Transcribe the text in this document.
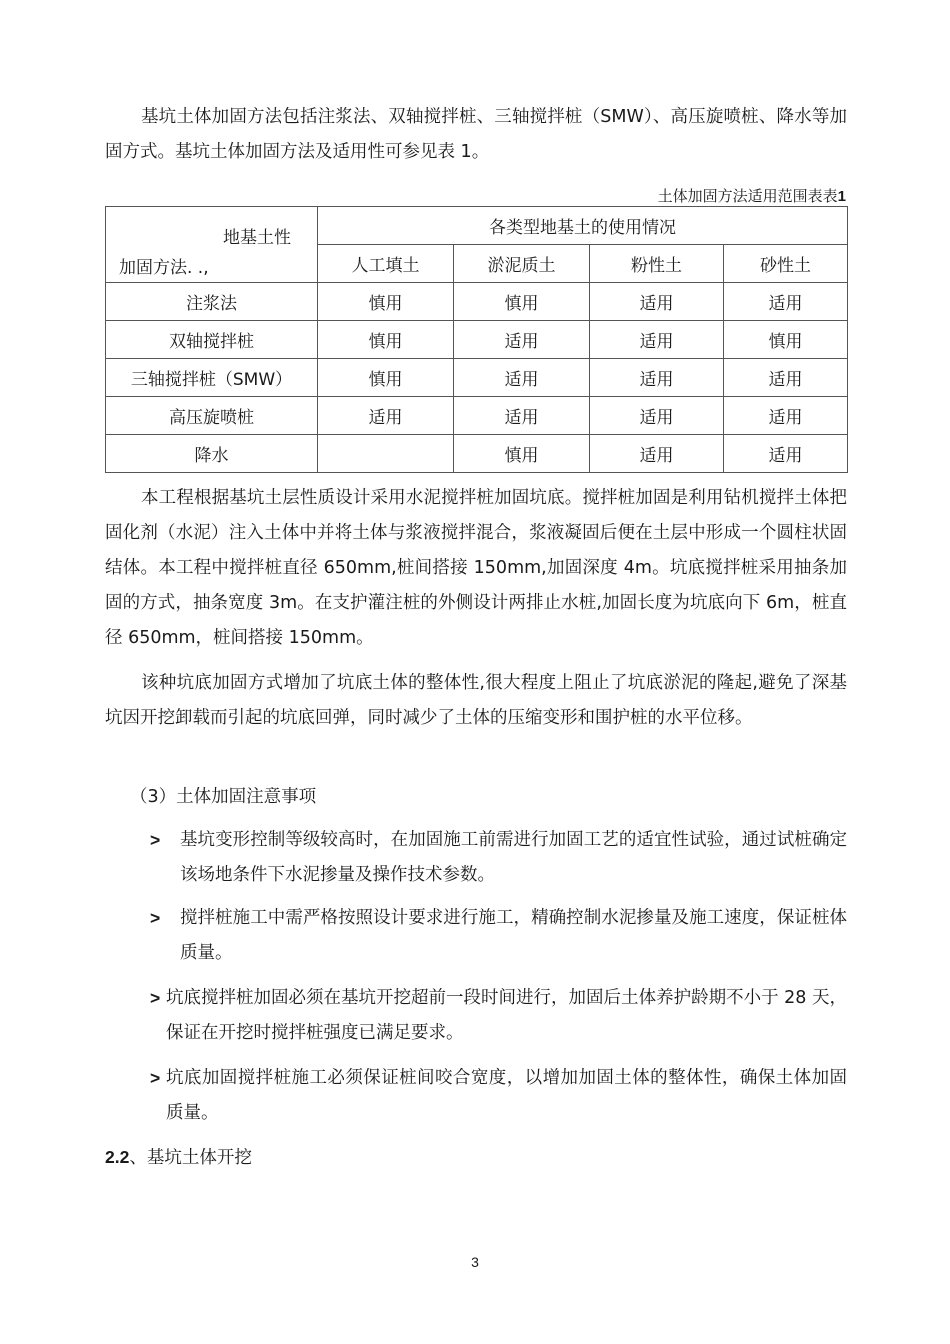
基坑土体加固方法包括注浆法、双轴搅拌桩、三轴搅拌桩（SMW）、高压旋喷桩、降水等加固方式。基坑土体加固方法及适用性可参见表 1。

土体加固方法适用范围表表1
地基土性
加固方法. .,	各类型地基土的使用情况			
	人工填土	淤泥质土	粉性土	砂性土
注浆法	慎用	慎用	适用	适用
双轴搅拌桩	慎用	适用	适用	慎用
三轴搅拌桩（SMW）	慎用	适用	适用	适用
高压旋喷桩	适用	适用	适用	适用
降水		慎用	适用	适用

本工程根据基坑土层性质设计采用水泥搅拌桩加固坑底。搅拌桩加固是利用钻机搅拌土体把固化剂（水泥）注入土体中并将土体与浆液搅拌混合，浆液凝固后便在土层中形成一个圆柱状固结体。本工程中搅拌桩直径 650mm,桩间搭接 150mm,加固深度 4m。坑底搅拌桩采用抽条加固的方式，抽条宽度 3m。在支护灌注桩的外侧设计两排止水桩,加固长度为坑底向下 6m，桩直径 650mm，桩间搭接 150mm。

该种坑底加固方式增加了坑底土体的整体性,很大程度上阻止了坑底淤泥的隆起,避免了深基坑因开挖卸载而引起的坑底回弹，同时减少了土体的压缩变形和围护桩的水平位移。

（3）土体加固注意事项
>	基坑变形控制等级较高时，在加固施工前需进行加固工艺的适宜性试验，通过试桩确定该场地条件下水泥掺量及操作技术参数。
>	搅拌桩施工中需严格按照设计要求进行施工，精确控制水泥掺量及施工速度，保证桩体质量。
> 坑底搅拌桩加固必须在基坑开挖超前一段时间进行，加固后土体养护龄期不小于 28 天，保证在开挖时搅拌桩强度已满足要求。
> 坑底加固搅拌桩施工必须保证桩间咬合宽度，以增加加固土体的整体性，确保土体加固质量。
2.2、基坑土体开挖
3
